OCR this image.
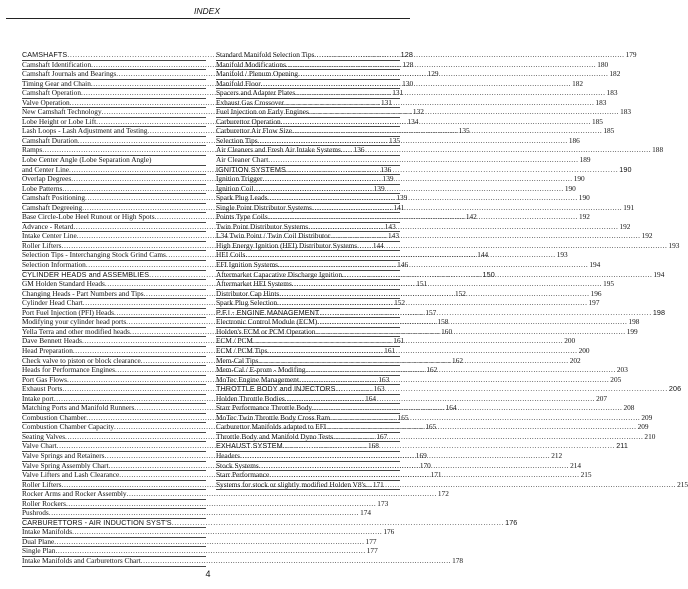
INDEX
CAMSHAFTS .....	128
Camshaft Identification .....	128
Camshaft Journals and Bearings .....	129
Timing Gear and Chain .....	130
Camshaft Operation .....	131
Valve Operation .....	131
New Camshaft Technology .....	132
Lobe Height or Lobe Lift .....	134
Lash Loops - Lash Adjustment and Testing .....	135
Camshaft Duration .....	135
Ramps .....	136
Lobe Center Angle (Lobe Separation Angle)
and Center Line .....	136
Overlap Degrees .....	139
Lobe Patterns .....	139
Camshaft Positioning .....	139
Camshaft Degreeing .....	141
Base Circle-Lobe Heel Runout or High Spots .....	142
Advance - Retard .....	143
Intake Center Line .....	143
Roller Lifters .....	144
Selection Tips - Interchanging Stock Grind Cams .....	144
Selection Information .....	146
CYLINDER HEADS and ASSEMBLIES .....	150
GM Holden Standard Heads .....	151
Changing Heads - Part Numbers and Tips .....	152
Cylinder Head Chart .....	152
Port Fuel Injection (PFI) Heads .....	157
Modifying your cylinder head ports .....	158
Yella Terra and other modified heads .....	160
Dave Bennett Heads .....	161
Head Preparation .....	161
Check valve to piston or block clearance .....	162
Heads for Performance Engines .....	162
Port Gas Flows .....	163
Exhaust Ports .....	163
Intake port .....	164
Matching Ports and Manifold Runners .....	164
Combustion Chamber .....	165
Combustion Chamber Capacity .....	165
Seating Valves .....	167
Valve Chart .....	168
Valve Springs and Retainers .....	169
Valve Spring Assembly Chart .....	170
Valve Lifters and Lash Clearance .....	171
Roller Lifters .....	171
Rocker Arms and Rocker Assembly .....	172
Roller Rockers .....	173
Pushrods .....	174
CARBURETTORS - AIR INDUCTION SYST'S .....	176
Intake Manifolds .....	176
Dual Plane .....	177
Single Plan .....	177
Intake Manifolds and Carburettors Chart .....	178
Standard Manifold Selection Tips .....	179
Manifold Modifications .....	180
Manifold / Plenum Opening .....	182
Manifold Floor .....	182
Spacers and Adapter Plates .....	183
Exhaust Gas Crossover .....	183
Fuel Injection on Early Engines .....	183
Carburettor Operation .....	185
Carburettor Air Flow Size .....	185
Selection Tips .....	186
Air Cleaners and Fresh Air Intake Systems .....	188
Air Cleaner Chart .....	189
IGNITION SYSTEMS .....	190
Ignition Trigger .....	190
Ignition Coil .....	190
Spark Plug Leads .....	190
Single Point Distributor Systems .....	191
Points Type Coils .....	192
Twin Point Distributor Systems .....	192
L34 Twin Point / Twin Coil Distributor .....	192
High Energy Ignition (HEI) Distributor Systems .....	193
HEI Coils .....	193
EFI Ignition Systems .....	194
Aftermarket Capacative Discharge Ignition .....	194
Aftermarket HEI Systems .....	195
Distributor Cap Hints .....	196
Spark Plug Selection .....	197
P.F.I - ENGINE MANAGEMENT .....	198
Electronic Control Module (ECM) .....	198
Holden's ECM or PCM Operation .....	199
ECM / PCM .....	200
ECM / PCM Tips .....	200
Mem-Cal Tips .....	202
Mem-Cal / E-prom - Modifing .....	203
MoTec Engine Management .....	205
THROTTLE BODY and INJECTORS .....	206
Holden Throttle Bodies .....	207
Starr Performance Throttle Body .....	208
MoTec Twin Throttle Body Cross Ram .....	209
Carburettor Manifolds adapted to EFI .....	209
Throttle Body and Manifold Dyno Tests .....	210
EXHAUST SYSTEM .....	211
Headers .....	212
Stock Systems .....	214
Starr Performance .....	215
Systems for stock or slightly modified Holden V8's .....	215
4
